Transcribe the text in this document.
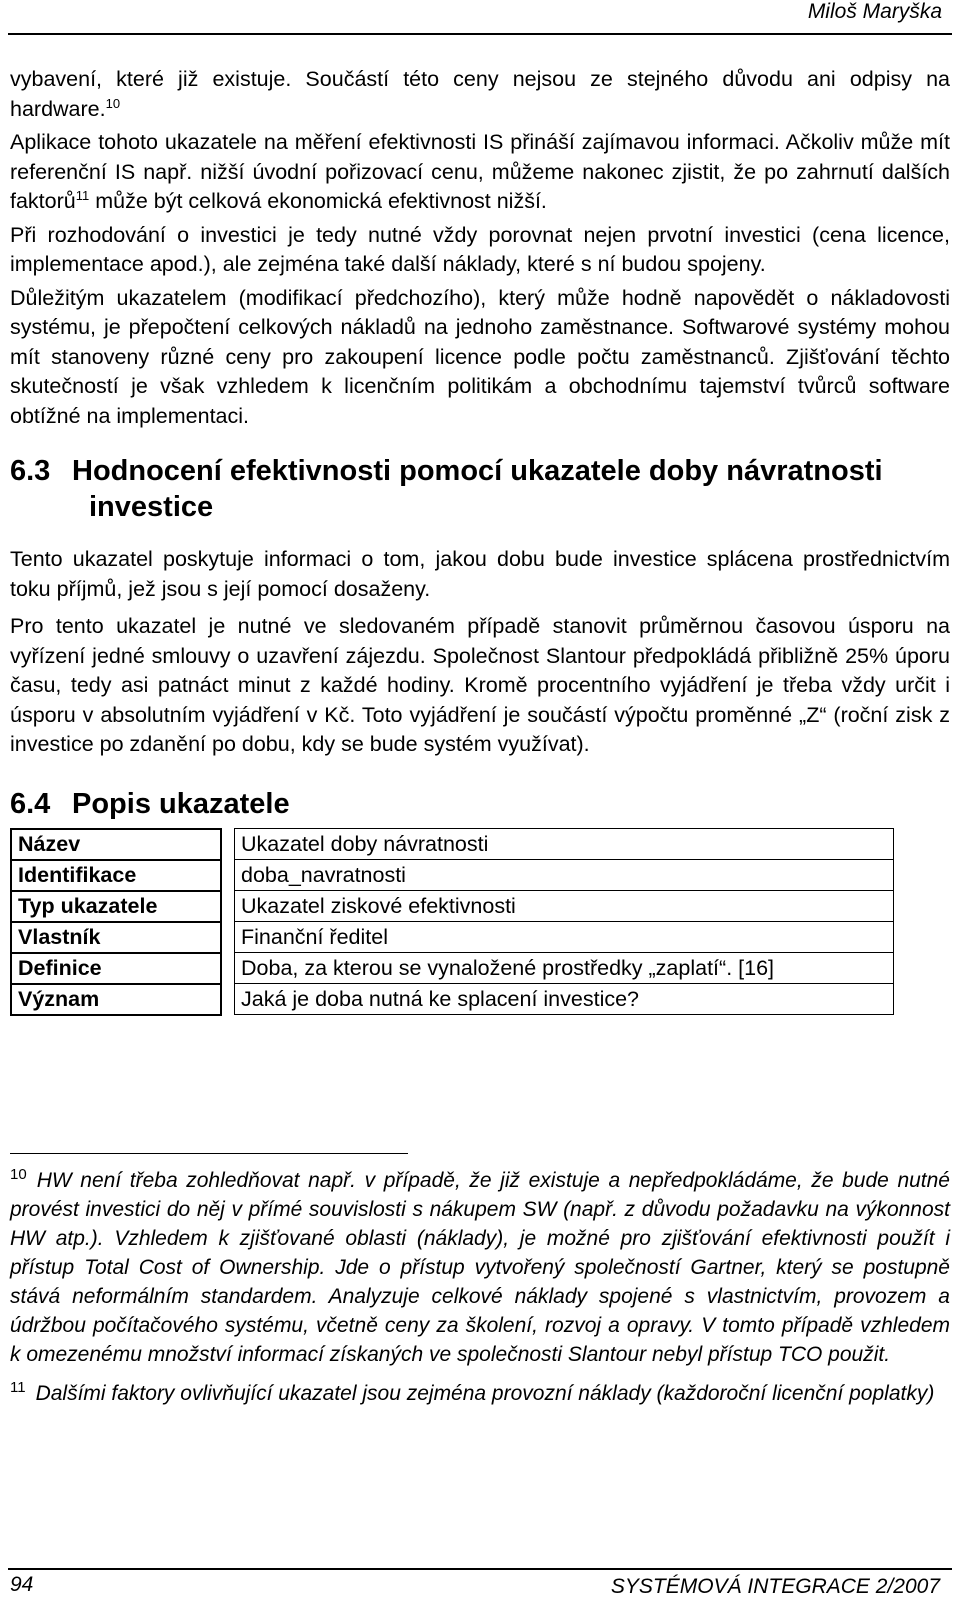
Miloš Maryška

vybavení, které již existuje. Součástí této ceny nejsou ze stejného důvodu ani odpisy na hardware.$^{10}$

Aplikace tohoto ukazatele na měření efektivnosti IS přináší zajímavou informaci. Ačkoliv může mít referenční IS např. nižší úvodní pořizovací cenu, můžeme nakonec zjistit, že po zahrnutí dalších faktorů$^{11}$ může být celková ekonomická efektivnost nižší.

Při rozhodování o investici je tedy nutné vždy porovnat nejen prvotní investici (cena licence, implementace apod.), ale zejména také další náklady, které s ní budou spojeny.

Důležitým ukazatelem (modifikací předchozího), který může hodně napovědět o nákladovosti systému, je přepočtení celkových nákladů na jednoho zaměstnance. Softwarové systémy mohou mít stanoveny různé ceny pro zakoupení licence podle počtu zaměstnanců. Zjišťování těchto skutečností je však vzhledem k licenčním politikám a obchodnímu tajemství tvůrců software obtížné na implementaci.

6.3 Hodnocení efektivnosti pomocí ukazatele doby návratnosti
investice

Tento ukazatel poskytuje informaci o tom, jakou dobu bude investice splácena prostřednictvím toku příjmů, jež jsou s její pomocí dosaženy.

Pro tento ukazatel je nutné ve sledovaném případě stanovit průměrnou časovou úsporu na vyřízení jedné smlouvy o uzavření zájezdu. Společnost Slantour předpokládá přibližně 25% úporu času, tedy asi patnáct minut z každé hodiny. Kromě procentního vyjádření je třeba vždy určit i úsporu v absolutním vyjádření v Kč. Toto vyjádření je součástí výpočtu proměnné „Z“ (roční zisk z investice po zdanění po dobu, kdy se bude systém využívat).

6.4 Popis ukazatele
Název		Ukazatel doby návratnosti
Identifikace		doba_navratnosti
Typ ukazatele		Ukazatel ziskové efektivnosti
Vlastník		Finanční ředitel
Definice		Doba, za kterou se vynaložené prostředky „zaplatí“. [16]
Význam		Jaká je doba nutná ke splacení investice?

$^{10}$ HW není třeba zohledňovat např. v případě, že již existuje a nepředpokládáme, že bude nutné provést investici do něj v přímé souvislosti s nákupem SW (např. z důvodu požadavku na výkonnost HW atp.). Vzhledem k zjišťované oblasti (náklady), je možné pro zjišťování efektivnosti použít i přístup Total Cost of Ownership. Jde o přístup vytvořený společností Gartner, který se postupně stává neformálním standardem. Analyzuje celkové náklady spojené s vlastnictvím, provozem a údržbou počítačového systému, včetně ceny za školení, rozvoj a opravy. V tomto případě vzhledem k omezenému množství informací získaných ve společnosti Slantour nebyl přístup TCO použit.

$^{11}$ Dalšími faktory ovlivňující ukazatel jsou zejména provozní náklady (každoroční licenční poplatky)

94	SYSTÉMOVÁ INTEGRACE 2/2007
